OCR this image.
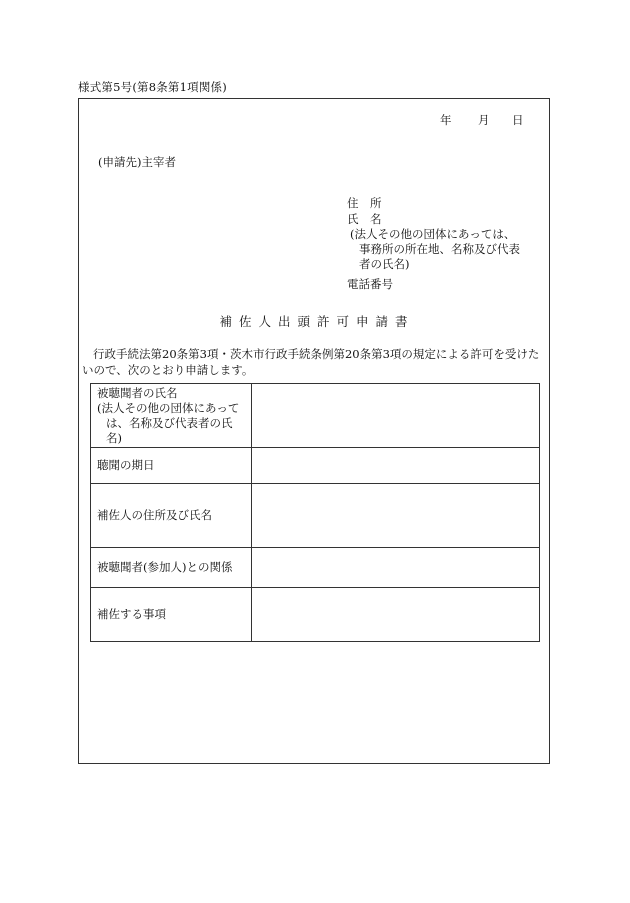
様式第5号(第8条第1項関係)
年 月 日
(申請先)主宰者
住　所
氏　名
(法人その他の団体にあっては、
事務所の所在地、名称及び代表
者の氏名)
電話番号
補佐人出頭許可申請書
行政手続法第20条第3項・茨木市行政手続条例第20条第3項の規定による許可を受けた
いので、次のとおり申請します。
被聴聞者の氏名
(法人その他の団体にあって
は、名称及び代表者の氏名)	

聴聞の期日	
補佐人の住所及び氏名	
被聴聞者(参加人)との関係	
補佐する事項	
